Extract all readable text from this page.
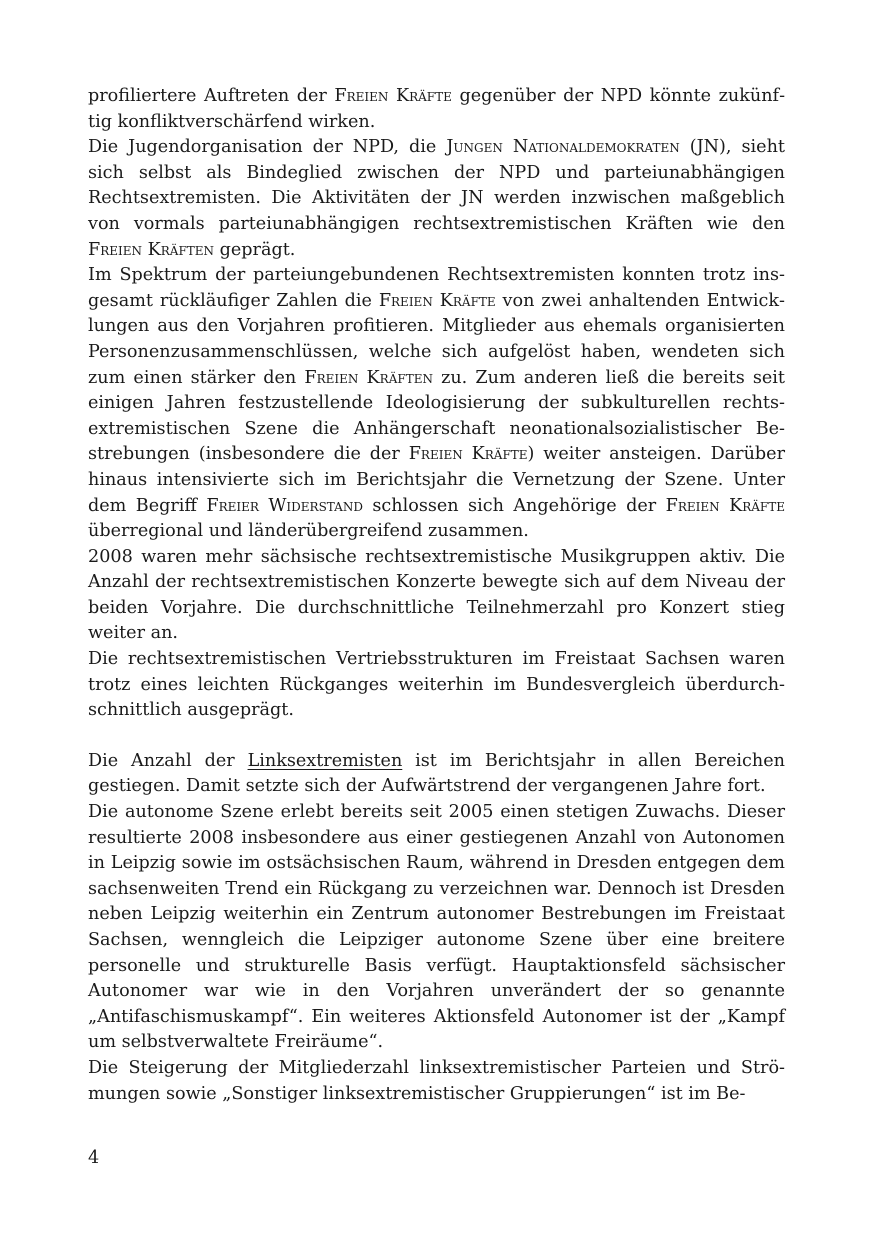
profiliertere Auftreten der Freien Kräfte gegenüber der NPD könnte zukünftig konfliktverschärfend wirken.

Die Jugendorganisation der NPD, die Jungen Nationaldemokraten (JN), sieht sich selbst als Bindeglied zwischen der NPD und parteiunabhängigen Rechtsextremisten. Die Aktivitäten der JN werden inzwischen maßgeblich von vormals parteiunabhängigen rechtsextremistischen Kräften wie den Freien Kräften geprägt.

Im Spektrum der parteiungebundenen Rechtsextremisten konnten trotz insgesamt rückläufiger Zahlen die Freien Kräfte von zwei anhaltenden Entwicklungen aus den Vorjahren profitieren. Mitglieder aus ehemals organisierten Personenzusammenschlüssen, welche sich aufgelöst haben, wendeten sich zum einen stärker den Freien Kräften zu. Zum anderen ließ die bereits seit einigen Jahren festzustellende Ideologisierung der subkulturellen rechtsextremistischen Szene die Anhängerschaft neonationalsozialistischer Bestrebungen (insbesondere die der Freien Kräfte) weiter ansteigen. Darüber hinaus intensivierte sich im Berichtsjahr die Vernetzung der Szene. Unter dem Begriff Freier Widerstand schlossen sich Angehörige der Freien Kräfte überregional und länderübergreifend zusammen.

2008 waren mehr sächsische rechtsextremistische Musikgruppen aktiv. Die Anzahl der rechtsextremistischen Konzerte bewegte sich auf dem Niveau der beiden Vorjahre. Die durchschnittliche Teilnehmerzahl pro Konzert stieg weiter an.

Die rechtsextremistischen Vertriebsstrukturen im Freistaat Sachsen waren trotz eines leichten Rückganges weiterhin im Bundesvergleich überdurchschnittlich ausgeprägt.

Die Anzahl der Linksextremisten ist im Berichtsjahr in allen Bereichen gestiegen. Damit setzte sich der Aufwärtstrend der vergangenen Jahre fort.

Die autonome Szene erlebt bereits seit 2005 einen stetigen Zuwachs. Dieser resultierte 2008 insbesondere aus einer gestiegenen Anzahl von Autonomen in Leipzig sowie im ostsächsischen Raum, während in Dresden entgegen dem sachsenweiten Trend ein Rückgang zu verzeichnen war. Dennoch ist Dresden neben Leipzig weiterhin ein Zentrum autonomer Bestrebungen im Freistaat Sachsen, wenngleich die Leipziger autonome Szene über eine breitere personelle und strukturelle Basis verfügt. Hauptaktionsfeld sächsischer Autonomer war wie in den Vorjahren unverändert der so genannte „Antifaschismuskampf“. Ein weiteres Aktionsfeld Autonomer ist der „Kampf um selbstverwaltete Freiräume“.

Die Steigerung der Mitgliederzahl linksextremistischer Parteien und Strömungen sowie „Sonstiger linksextremistischer Gruppierungen“ ist im Be-

4
